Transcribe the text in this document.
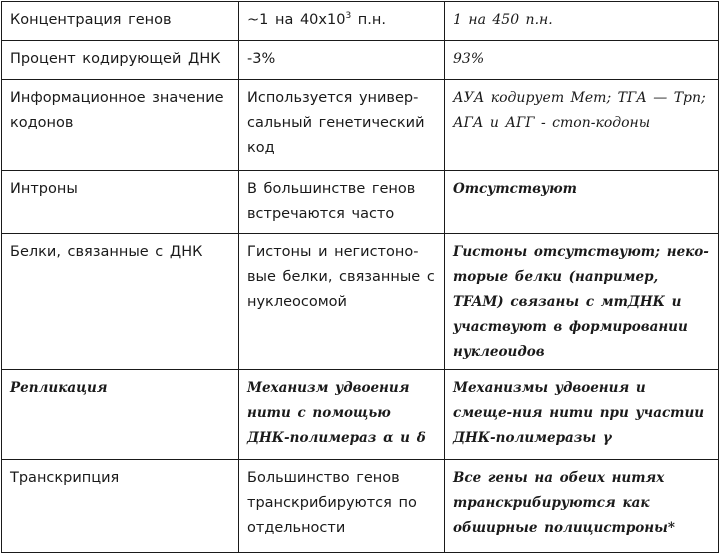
Концентрация генов	~1 на $40х10^3$ п.н.	1 на 450 п.н.

Процент кодирующей ДНК	-3%	93%

Информационное значение кодонов	Используется универ-сальный генетический код	АУА кодирует Мет; ТГА — Трп; АГА и АГГ - стоп-кодоны

Интроны	В большинстве генов встречаются часто	Отсутствуют

Белки, связанные с ДНК	Гистоны и негистоно-вые белки, связанные с нуклеосомой	Гистоны отсутствуют; неко-торые белки (например, TFAM) связаны с мтДНК и участвуют в формировании нуклеоидов

Репликация	Механизм удвоения нити с помощью ДНК-полимераз α и δ	Механизмы удвоения и смеще-ния нити при участии ДНК-полимеразы γ

Транскрипция	Большинство генов транскрибируются по отдельности	Все гены на обеих нитях транскрибируются как обширные полицистроны*
